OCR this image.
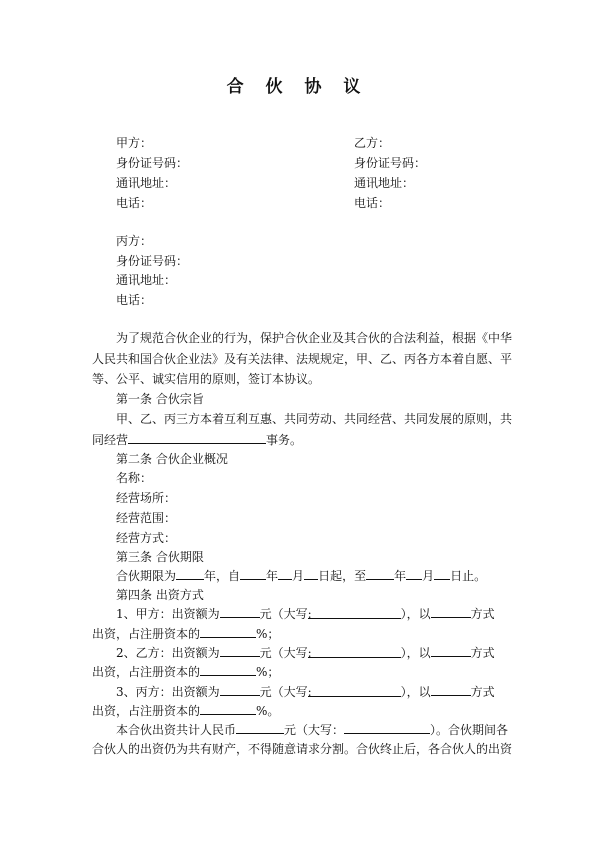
合 伙 协 议
甲方：	乙方：
身份证号码：	身份证号码：
通讯地址：	通讯地址：
电话：	电话：
丙方：
身份证号码：
通讯地址：
电话：
为了规范合伙企业的行为，保护合伙企业及其合伙的合法利益，根据《中华
人民共和国合伙企业法》及有关法律、法规规定，甲、乙、丙各方本着自愿、平
等、公平、诚实信用的原则，签订本协议。
第一条 合伙宗旨
甲、乙、丙三方本着互利互惠、共同劳动、共同经营、共同发展的原则，共
同经营	事务。
第二条 合伙企业概况
名称：
经营场所：
经营范围：
经营方式：
第三条 合伙期限
合伙期限为 年，自 年 月 日起，至 年 月 日止。
第四条 出资方式
1、甲方：出资额为	元（大写:	），以	方式
出资，占注册资本的	%；
2、乙方：出资额为	元（大写:	），以	方式
出资，占注册资本的	%；
3、丙方：出资额为	元（大写:	），以	方式
出资，占注册资本的	%。
本合伙出资共计人民币	元（大写：	）。合伙期间各
合伙人的出资仍为共有财产，不得随意请求分割。合伙终止后，各合伙人的出资
